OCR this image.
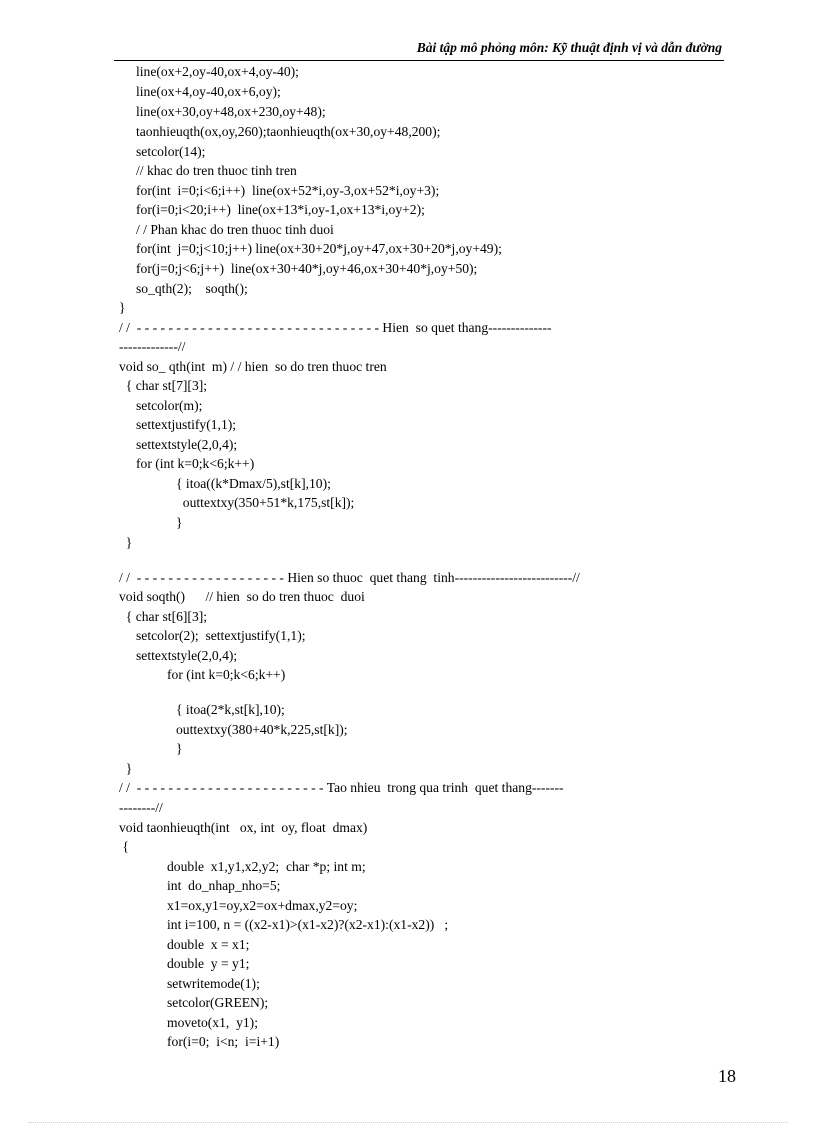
Bài tập mô phỏng môn: Kỹ thuật định vị và dẫn đường
line(ox+2,oy-40,ox+4,oy-40);
line(ox+4,oy-40,ox+6,oy);
line(ox+30,oy+48,ox+230,oy+48);
taonhieuqth(ox,oy,260);taonhieuqth(ox+30,oy+48,200);
setcolor(14);
// khac do tren thuoc tinh tren
for(int  i=0;i<6;i++)  line(ox+52*i,oy-3,ox+52*i,oy+3);
for(i=0;i<20;i++)  line(ox+13*i,oy-1,ox+13*i,oy+2);
/ / Phan khac do tren thuoc tinh duoi
for(int  j=0;j<10;j++) line(ox+30+20*j,oy+47,ox+30+20*j,oy+49);
for(j=0;j<6;j++)  line(ox+30+40*j,oy+46,ox+30+40*j,oy+50);
so_qth(2);    soqth();
}
/ /  - - - - - - - - - - - - - - - - - - - - - - - - - - - - - - - Hien  so quet thang--------------
-------------//
void so_ qth(int  m) / / hien  so do tren thuoc tren
{ char st[7][3];
setcolor(m);
settextjustify(1,1);
settextstyle(2,0,4);
for (int k=0;k<6;k++)
{ itoa((k*Dmax/5),st[k],10);
outtextxy(350+51*k,175,st[k]);
}
}
/ /  - - - - - - - - - - - - - - - - - - - Hien so thuoc  quet thang  tinh--------------------------//
void soqth()      // hien  so do tren thuoc  duoi
{ char st[6][3];
setcolor(2);  settextjustify(1,1);
settextstyle(2,0,4);
for (int k=0;k<6;k++)
{ itoa(2*k,st[k],10);
outtextxy(380+40*k,225,st[k]);
}
}
/ /  - - - - - - - - - - - - - - - - - - - - - - - - Tao nhieu  trong qua trinh  quet thang-------
--------//
void taonhieuqth(int   ox, int  oy, float  dmax)
{
double  x1,y1,x2,y2;  char *p; int m;
int  do_nhap_nho=5;
x1=ox,y1=oy,x2=ox+dmax,y2=oy;
int i=100, n = ((x2-x1)>(x1-x2)?(x2-x1):(x1-x2))   ;
double  x = x1;
double  y = y1;
setwritemode(1);
setcolor(GREEN);
moveto(x1,  y1);
for(i=0;  i<n;  i=i+1)
18
